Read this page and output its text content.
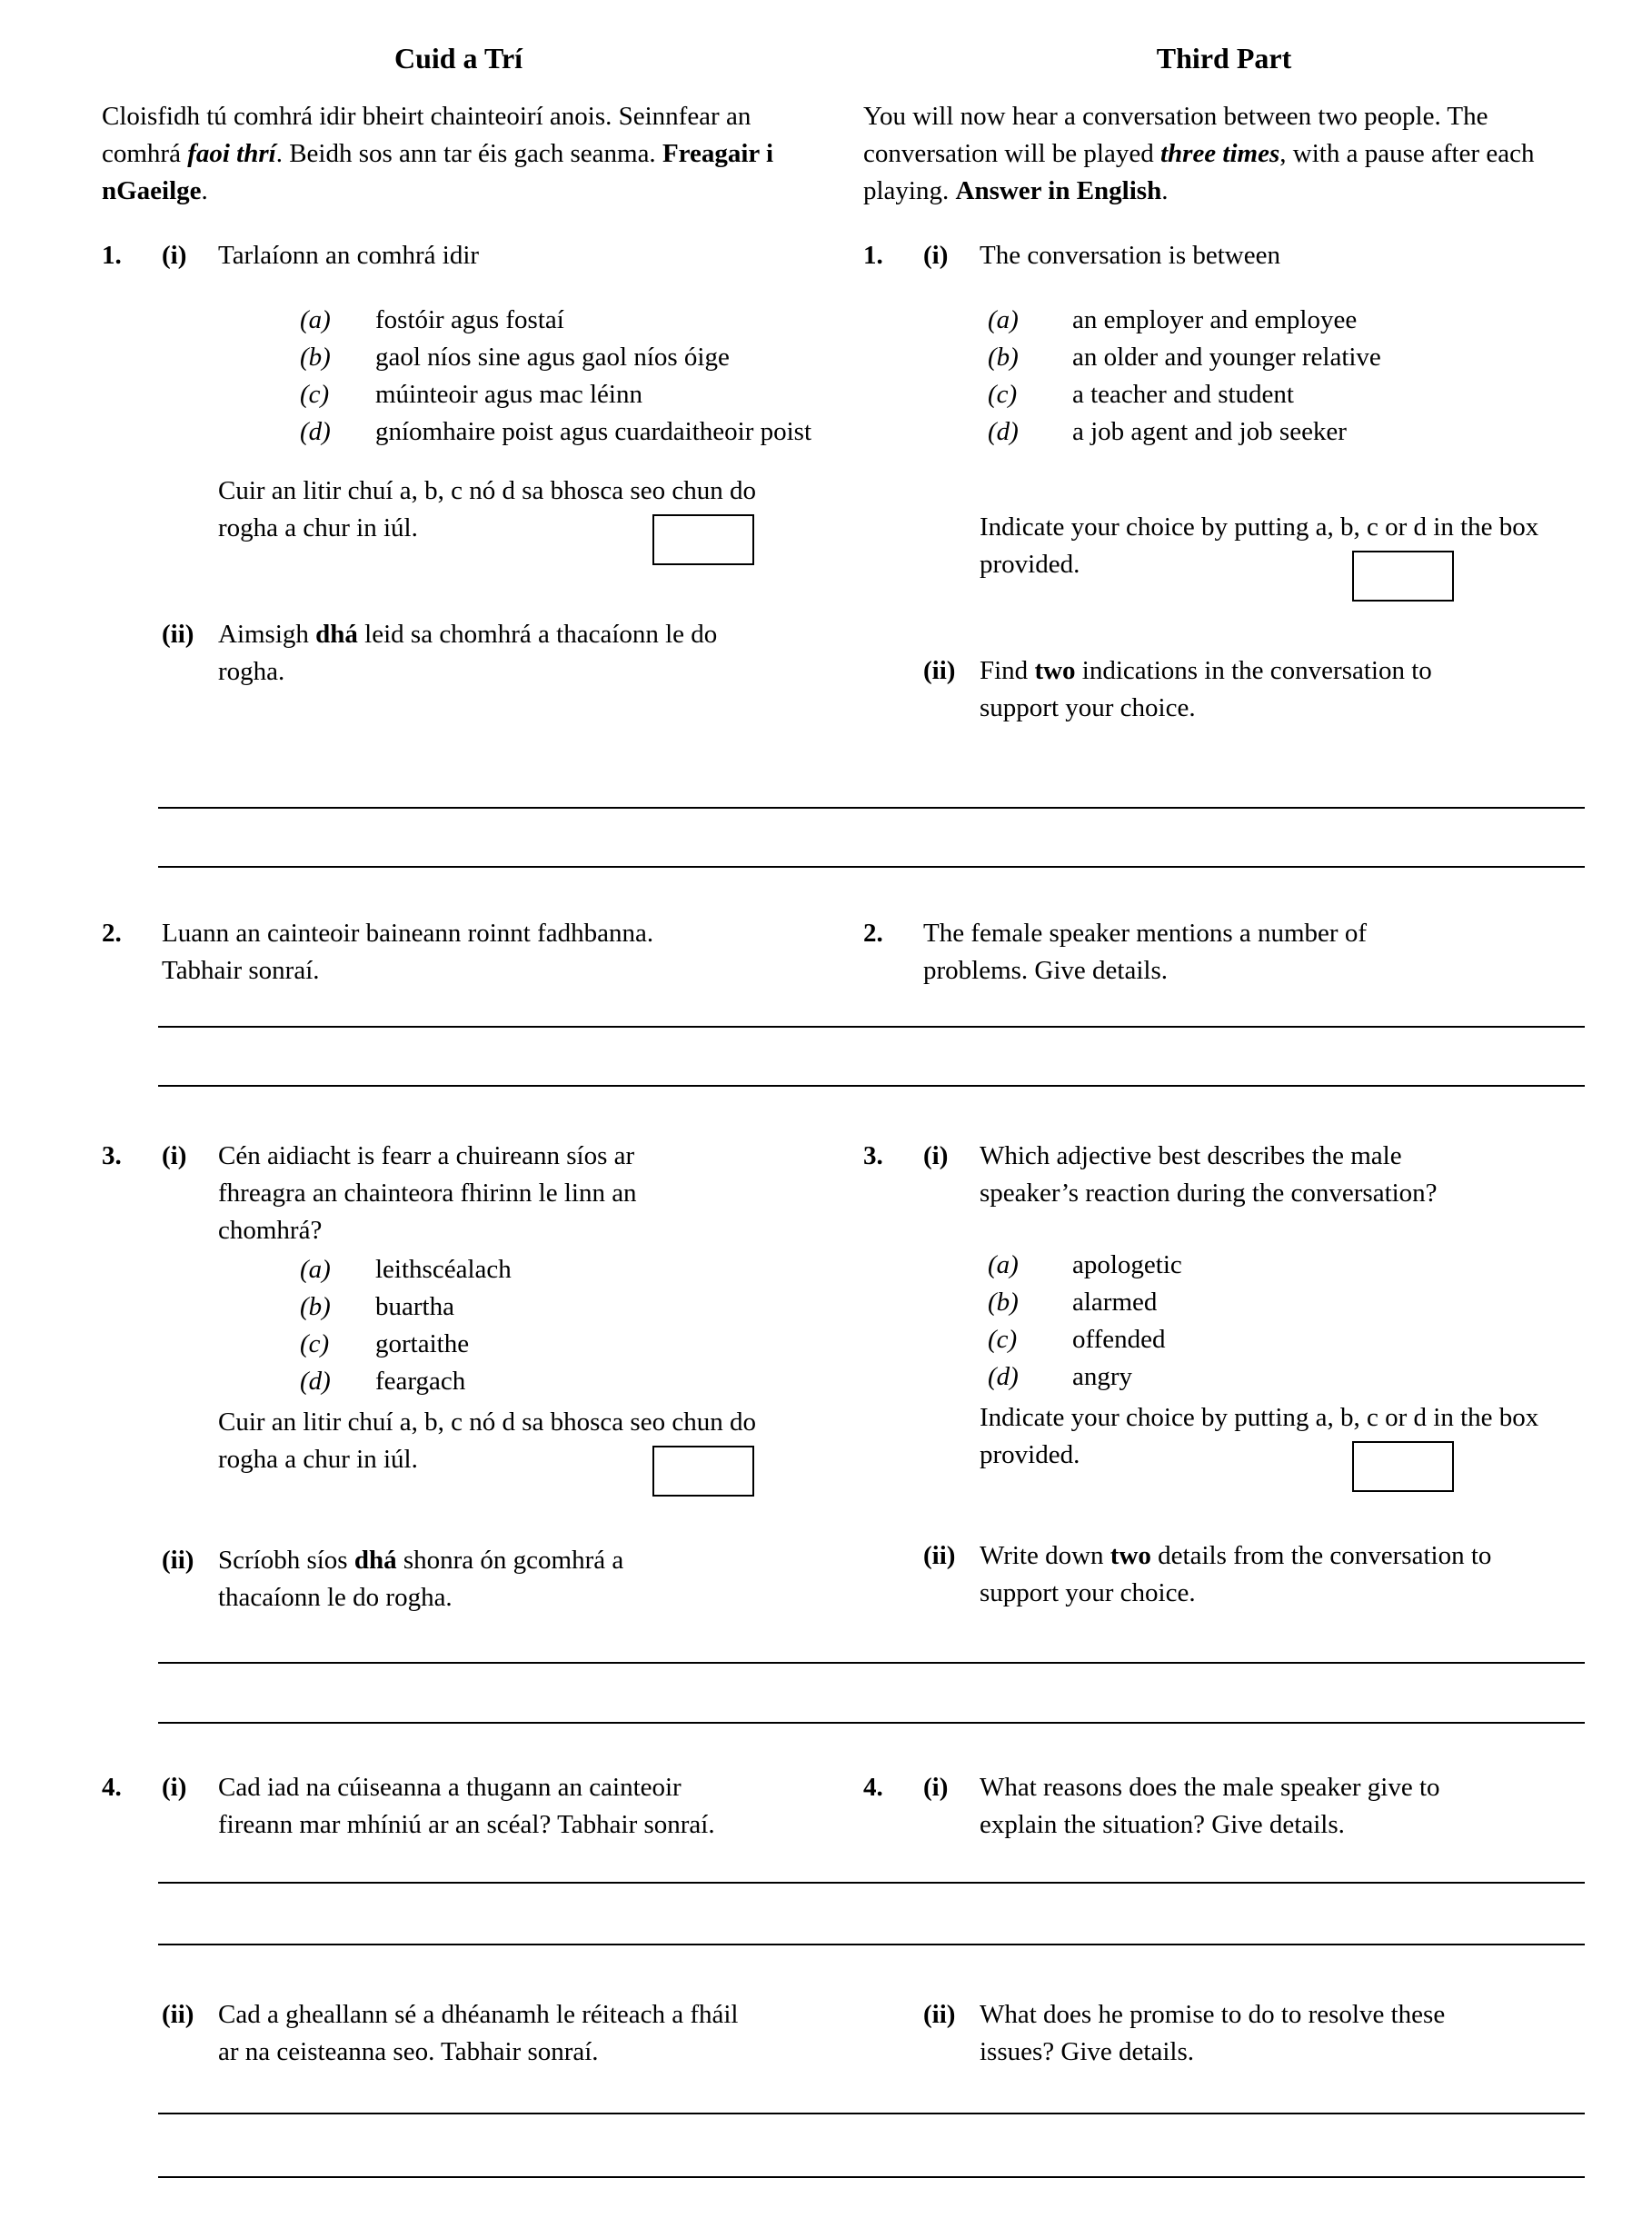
Cuid a Trí	Third Part

Cloisfidh tú comhrá idir bheirt chainteoirí anois. Seinnfear an comhrá faoi thrí. Beidh sos ann tar éis gach seanma. Freagair i nGaeilge.

You will now hear a conversation between two people. The conversation will be played three times, with a pause after each playing. Answer in English.

1.	(i)	Tarlaíonn an comhrá idir
(a)	fostóir agus fostaí
(b)	gaol níos sine agus gaol níos óige
(c)	múinteoir agus mac léinn
(d)	gníomhaire poist agus cuardaitheoir poist
Cuir an litir chuí a, b, c nó d sa bhosca seo chun do rogha a chur in iúl.
(ii) Aimsigh dhá leid sa chomhrá a thacaíonn le do rogha.
1.	(i)	The conversation is between
(a)	an employer and employee
(b)	an older and younger relative
(c)	a teacher and student
(d)	a job agent and job seeker
Indicate your choice by putting a, b, c or d in the box provided.
(ii) Find two indications in the conversation to support your choice.
2.	Luann an cainteoir baineann roinnt fadhbanna. Tabhair sonraí.
2.	The female speaker mentions a number of problems. Give details.
3.	(i)	Cén aidiacht is fearr a chuireann síos ar fhreagra an chainteora fhirinn le linn an chomhrá?
(a)	leithscéalach
(b)	buartha
(c)	gortaithe
(d)	feargach
Cuir an litir chuí a, b, c nó d sa bhosca seo chun do rogha a chur in iúl.
(ii) Scríobh síos dhá shonra ón gcomhrá a thacaíonn le do rogha.
3.	(i)	Which adjective best describes the male speaker’s reaction during the conversation?
(a)	apologetic
(b)	alarmed
(c)	offended
(d)	angry
Indicate your choice by putting a, b, c or d in the box provided.
(ii) Write down two details from the conversation to support your choice.
4.	(i)	Cad iad na cúiseanna a thugann an cainteoir fireann mar mhíniú ar an scéal? Tabhair sonraí.
4.	(i)	What reasons does the male speaker give to explain the situation? Give details.
(ii) Cad a gheallann sé a dhéanamh le réiteach a fháil ar na ceisteanna seo. Tabhair sonraí.
(ii) What does he promise to do to resolve these issues? Give details.
